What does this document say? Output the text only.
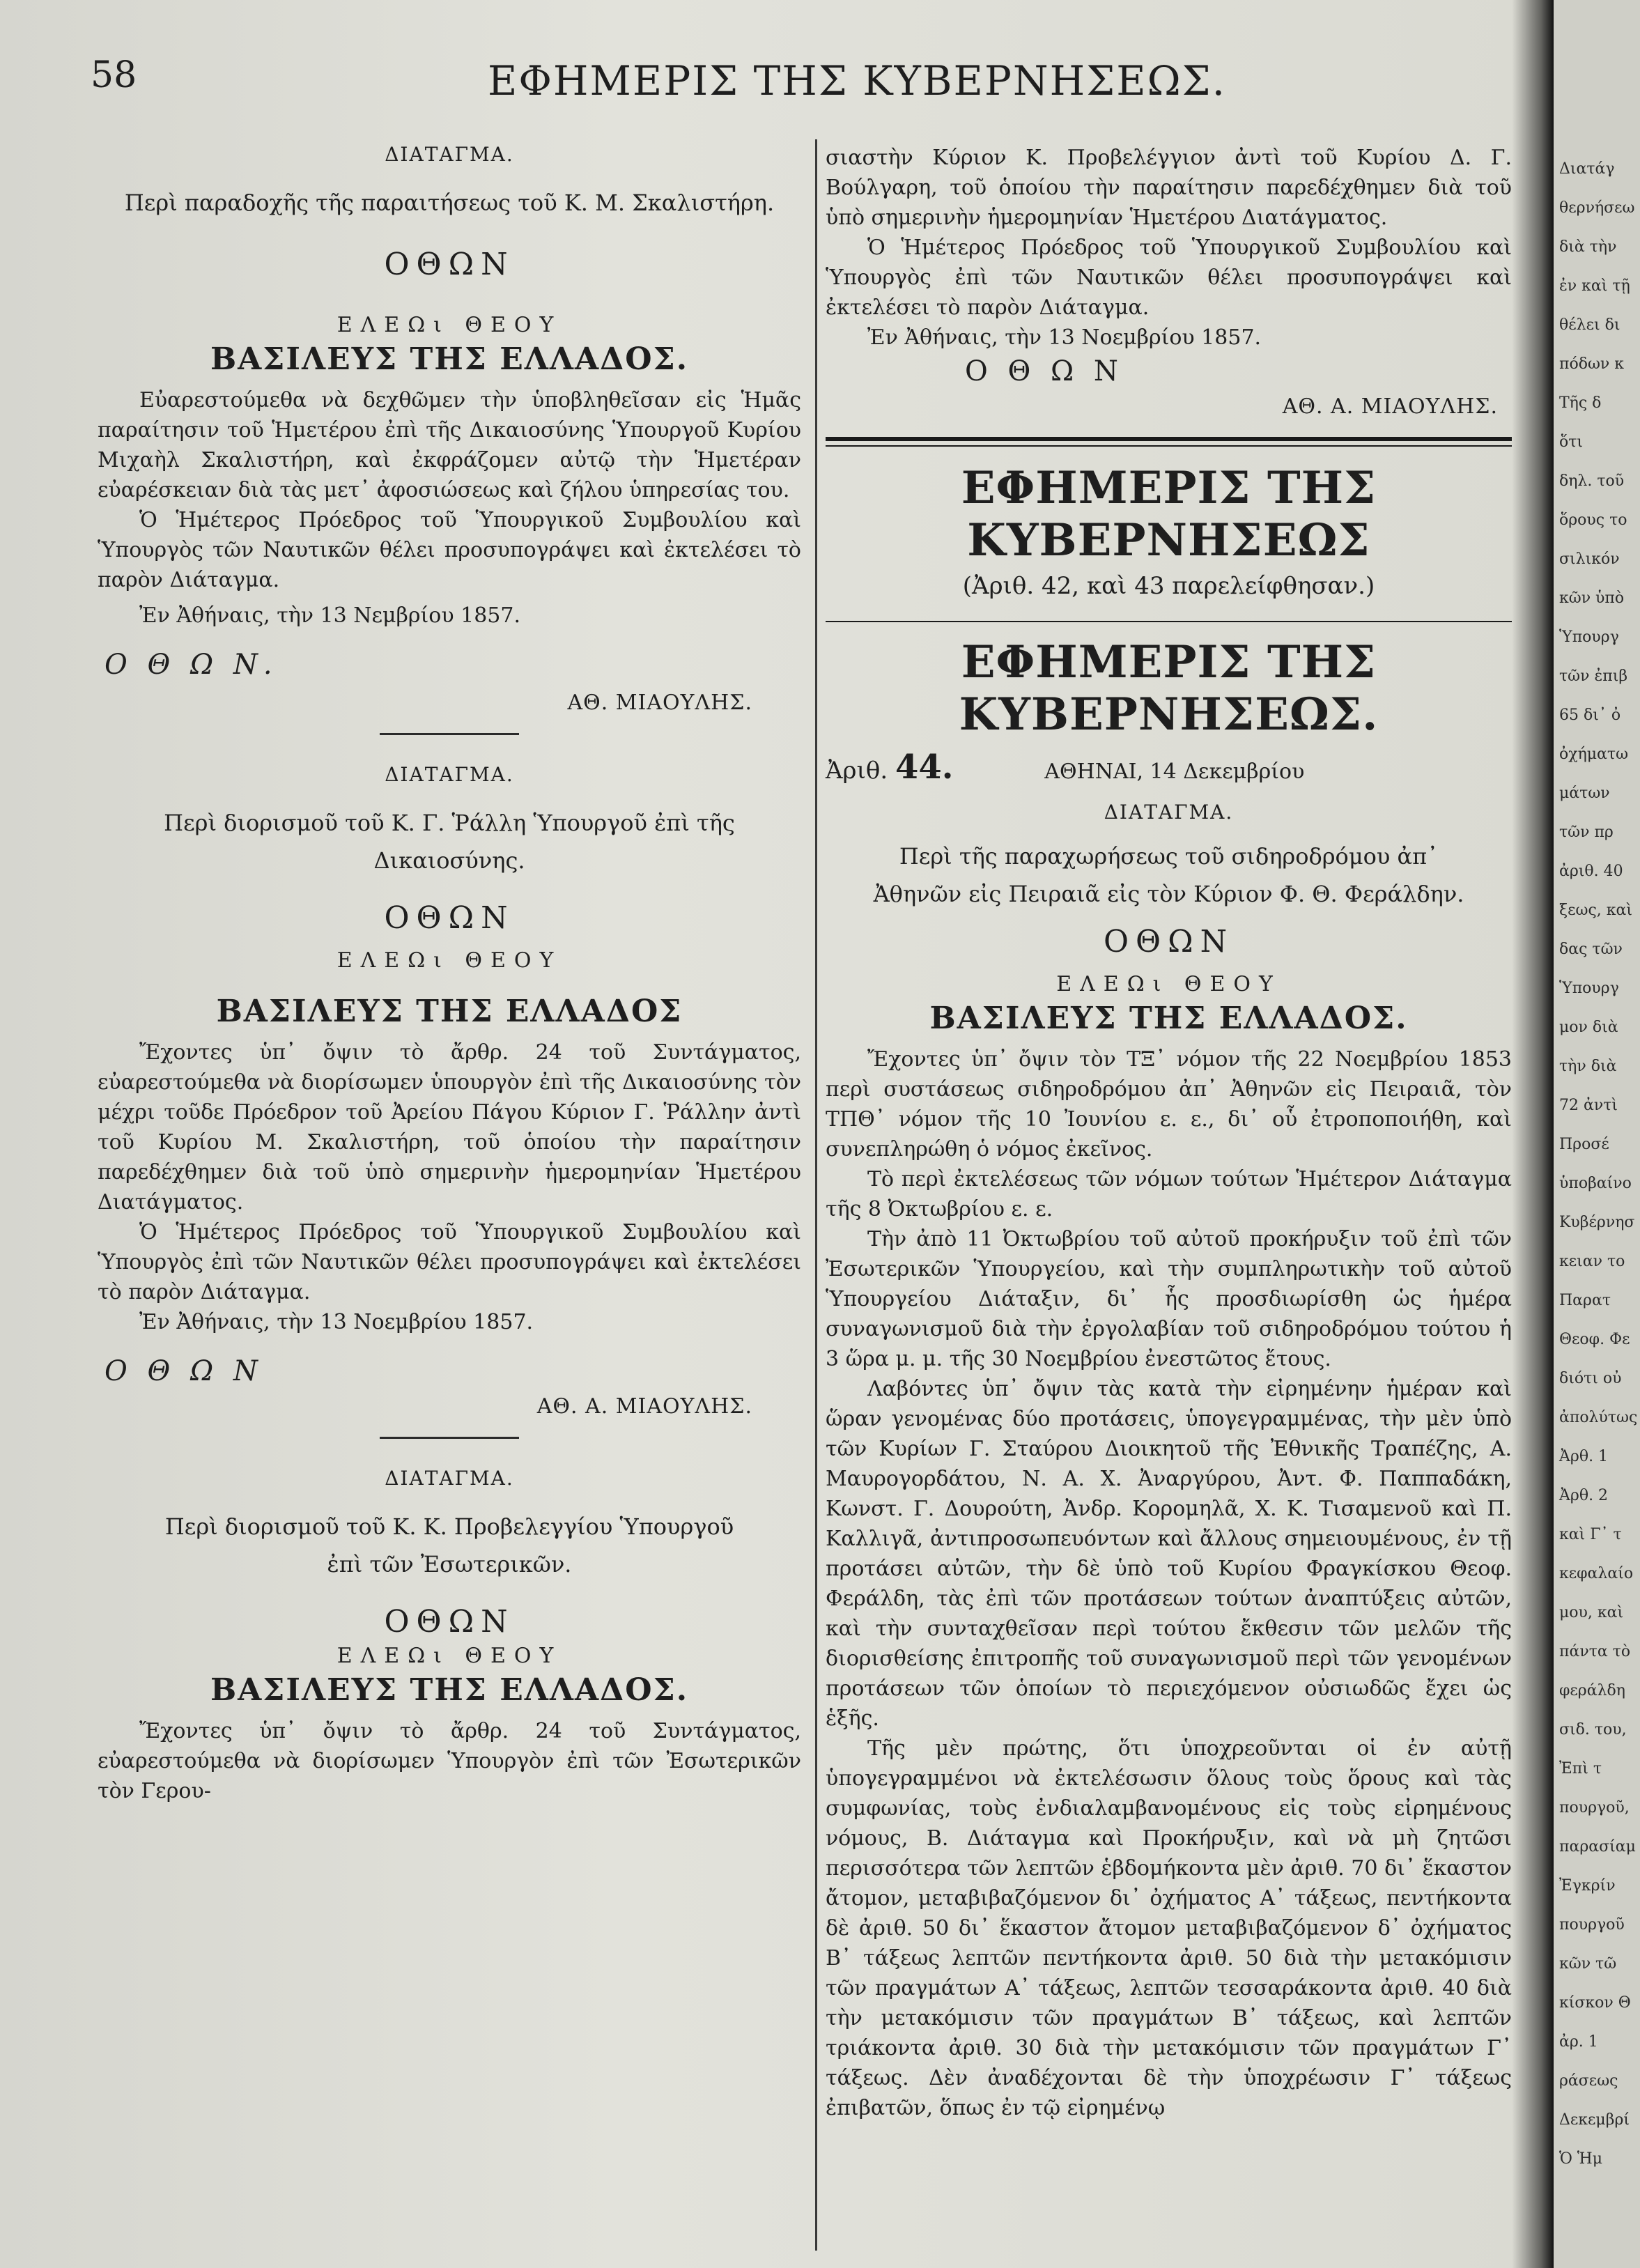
58	ΕΦΗΜΕΡΙΣ ΤΗΣ ΚΥΒΕΡΝΗΣΕΩΣ.

ΔΙΑΤΑΓΜΑ.

Περὶ παραδοχῆς τῆς παραιτήσεως τοῦ Κ. Μ. Σκαλιστήρη.

ΟΘΩΝ

ΕΛΕΩι ΘΕΟΥ

ΒΑΣΙΛΕΥΣ ΤΗΣ ΕΛΛΑΔΟΣ.

Εὐαρεστούμεθα νὰ δεχθῶμεν τὴν ὑποβληθεῖσαν εἰς Ἡμᾶς παραίτησιν τοῦ Ἡμετέρου ἐπὶ τῆς Δικαιοσύνης Ὑπουργοῦ Κυρίου Μιχαὴλ Σκαλιστήρη, καὶ ἐκφράζομεν αὐτῷ τὴν Ἡμετέραν εὐαρέσκειαν διὰ τὰς μετ᾽ ἀφοσιώσεως καὶ ζήλου ὑπηρεσίας του.

Ὁ Ἡμέτερος Πρόεδρος τοῦ Ὑπουργικοῦ Συμβουλίου καὶ Ὑπουργὸς τῶν Ναυτικῶν θέλει προσυπογράψει καὶ ἐκτελέσει τὸ παρὸν Διάταγμα.

Ἐν Ἀθήναις, τὴν 13 Νεμβρίου 1857.

Ο Θ Ω Ν.

ΑΘ. ΜΙΑΟΥΛΗΣ.

ΔΙΑΤΑΓΜΑ.

Περὶ διορισμοῦ τοῦ Κ. Γ. Ῥάλλη Ὑπουργοῦ ἐπὶ τῆς Δικαιοσύνης.

ΟΘΩΝ

ΕΛΕΩι ΘΕΟΥ

ΒΑΣΙΛΕΥΣ ΤΗΣ ΕΛΛΑΔΟΣ

Ἔχοντες ὑπ᾽ ὄψιν τὸ ἄρθρ. 24 τοῦ Συντάγματος, εὐαρεστούμεθα νὰ διορίσωμεν ὑπουργὸν ἐπὶ τῆς Δικαιοσύνης τὸν μέχρι τοῦδε Πρόεδρον τοῦ Ἀρείου Πάγου Κύριον Γ. Ῥάλλην ἀντὶ τοῦ Κυρίου Μ. Σκαλιστήρη, τοῦ ὁποίου τὴν παραίτησιν παρεδέχθημεν διὰ τοῦ ὑπὸ σημερινὴν ἡμερομηνίαν Ἡμετέρου Διατάγματος.

Ὁ Ἡμέτερος Πρόεδρος τοῦ Ὑπουργικοῦ Συμβουλίου καὶ Ὑπουργὸς ἐπὶ τῶν Ναυτικῶν θέλει προσυπογράψει καὶ ἐκτελέσει τὸ παρὸν Διάταγμα.

Ἐν Ἀθήναις, τὴν 13 Νοεμβρίου 1857.

Ο Θ Ω Ν

ΑΘ. Α. ΜΙΑΟΥΛΗΣ.

ΔΙΑΤΑΓΜΑ.

Περὶ διορισμοῦ τοῦ Κ. Κ. Προβελεγγίου Ὑπουργοῦ ἐπὶ τῶν Ἐσωτερικῶν.

ΟΘΩΝ

ΕΛΕΩι ΘΕΟΥ

ΒΑΣΙΛΕΥΣ ΤΗΣ ΕΛΛΑΔΟΣ.

Ἔχοντες ὑπ᾽ ὄψιν τὸ ἄρθρ. 24 τοῦ Συντάγματος, εὐαρεστούμεθα νὰ διορίσωμεν Ὑπουργὸν ἐπὶ τῶν Ἐσωτερικῶν τὸν Γερου-

σιαστὴν Κύριον Κ. Προβελέγγιον ἀντὶ τοῦ Κυρίου Δ. Γ. Βούλγαρη, τοῦ ὁποίου τὴν παραίτησιν παρεδέχθημεν διὰ τοῦ ὑπὸ σημερινὴν ἡμερομηνίαν Ἡμετέρου Διατάγματος.

Ὁ Ἡμέτερος Πρόεδρος τοῦ Ὑπουργικοῦ Συμβουλίου καὶ Ὑπουργὸς ἐπὶ τῶν Ναυτικῶν θέλει προσυπογράψει καὶ ἐκτελέσει τὸ παρὸν Διάταγμα.

Ἐν Ἀθήναις, τὴν 13 Νοεμβρίου 1857.

Ο Θ Ω Ν

ΑΘ. Α. ΜΙΑΟΥΛΗΣ.

ΕΦΗΜΕΡΙΣ ΤΗΣ ΚΥΒΕΡΝΗΣΕΩΣ

(Ἀριθ. 42, καὶ 43 παρελείφθησαν.)

ΕΦΗΜΕΡΙΣ ΤΗΣ ΚΥΒΕΡΝΗΣΕΩΣ.

Ἀριθ. 44.	ΑΘΗΝΑΙ, 14 Δεκεμβρίου

ΔΙΑΤΑΓΜΑ.

Περὶ τῆς παραχωρήσεως τοῦ σιδηροδρόμου ἀπ᾽ Ἀθηνῶν εἰς Πειραιᾶ εἰς τὸν Κύριον Φ. Θ. Φεράλδην.

ΟΘΩΝ

ΕΛΕΩι ΘΕΟΥ

ΒΑΣΙΛΕΥΣ ΤΗΣ ΕΛΛΑΔΟΣ.

Ἔχοντες ὑπ᾽ ὄψιν τὸν ΤΞ᾽ νόμον τῆς 22 Νοεμβρίου 1853 περὶ συστάσεως σιδηροδρόμου ἀπ᾽ Ἀθηνῶν εἰς Πειραιᾶ, τὸν ΤΠΘ᾽ νόμον τῆς 10 Ἰουνίου ε. ε., δι᾽ οὗ ἐτροποποιήθη, καὶ συνεπληρώθη ὁ νόμος ἐκεῖνος.

Τὸ περὶ ἐκτελέσεως τῶν νόμων τούτων Ἡμέτερον Διάταγμα τῆς 8 Ὀκτωβρίου ε. ε.

Τὴν ἀπὸ 11 Ὀκτωβρίου τοῦ αὐτοῦ προκήρυξιν τοῦ ἐπὶ τῶν Ἐσωτερικῶν Ὑπουργείου, καὶ τὴν συμπληρωτικὴν τοῦ αὐτοῦ Ὑπουργείου Διάταξιν, δι᾽ ἧς προσδιωρίσθη ὡς ἡμέρα συναγωνισμοῦ διὰ τὴν ἐργολαβίαν τοῦ σιδηροδρόμου τούτου ἡ 3 ὥρα μ. μ. τῆς 30 Νοεμβρίου ἐνεστῶτος ἔτους.

Λαβόντες ὑπ᾽ ὄψιν τὰς κατὰ τὴν εἰρημένην ἡμέραν καὶ ὥραν γενομένας δύο προτάσεις, ὑπογεγραμμένας, τὴν μὲν ὑπὸ τῶν Κυρίων Γ. Σταύρου Διοικητοῦ τῆς Ἐθνικῆς Τραπέζης, Α. Μαυρογορδάτου, Ν. Α. Χ. Ἀναργύρου, Ἀντ. Φ. Παππαδάκη, Κωνστ. Γ. Δουρούτη, Ἀνδρ. Κορομηλᾶ, Χ. Κ. Τισαμενοῦ καὶ Π. Καλλιγᾶ, ἀντιπροσωπευόντων καὶ ἄλλους σημειουμένους, ἐν τῇ προτάσει αὐτῶν, τὴν δὲ ὑπὸ τοῦ Κυρίου Φραγκίσκου Θεοφ. Φεράλδη, τὰς ἐπὶ τῶν προτάσεων τούτων ἀναπτύξεις αὐτῶν, καὶ τὴν συνταχθεῖσαν περὶ τούτου ἔκθεσιν τῶν μελῶν τῆς διορισθείσης ἐπιτροπῆς τοῦ συναγωνισμοῦ περὶ τῶν γενομένων προτάσεων τῶν ὁποίων τὸ περιεχόμενον οὐσιωδῶς ἔχει ὡς ἑξῆς.

Τῆς μὲν πρώτης, ὅτι ὑποχρεοῦνται οἱ ἐν αὐτῇ ὑπογεγραμμένοι νὰ ἐκτελέσωσιν ὅλους τοὺς ὅρους καὶ τὰς συμφωνίας, τοὺς ἐνδιαλαμβανομένους εἰς τοὺς εἰρημένους νόμους, Β. Διάταγμα καὶ Προκήρυξιν, καὶ νὰ μὴ ζητῶσι περισσότερα τῶν λεπτῶν ἑβδομήκοντα μὲν ἀριθ. 70 δι᾽ ἕκαστον ἄτομον, μεταβιβαζόμενον δι᾽ ὀχήματος Α᾽ τάξεως, πεντήκοντα δὲ ἀριθ. 50 δι᾽ ἕκαστον ἄτομον μεταβιβαζόμενον δ᾽ ὀχήματος Β᾽ τάξεως λεπτῶν πεντήκοντα ἀριθ. 50 διὰ τὴν μετακόμισιν τῶν πραγμάτων Α᾽ τάξεως, λεπτῶν τεσσαράκοντα ἀριθ. 40 διὰ τὴν μετακόμισιν τῶν πραγμάτων Β᾽ τάξεως, καὶ λεπτῶν τριάκοντα ἀριθ. 30 διὰ τὴν μετακόμισιν τῶν πραγμάτων Γ᾽ τάξεως. Δὲν ἀναδέχονται δὲ τὴν ὑποχρέωσιν Γ᾽ τάξεως ἐπιβατῶν, ὅπως ἐν τῷ εἰρημένῳ

Διατάγ
θερνήσεω
διὰ τὴν
ἐν καὶ τῇ
θέλει δι
πόδων κ
Τῆς δ
ὅτι
δηλ. τοῦ
ὅρους το
σιλικόν
κῶν ὑπὸ
Ὑπουργ
τῶν ἐπιβ
65 δι᾽ ὀ
ὀχήματω
μάτων
τῶν πρ
ἀριθ. 40
ξεως, καὶ
δας τῶν
Ὑπουργ
μον διὰ
τὴν διὰ
72 ἀντὶ
Προσέ
ὑποβαίνο
Κυβέρνησ
κειαν το
Παρατ
Θεοφ. Φε
διότι οὐ
ἀπολύτως
Ἀρθ. 1
Ἀρθ. 2
καὶ Γ᾽ τ
κεφαλαίο
μου, καὶ
πάντα τὸ
φεράλδη
σιδ. του,
Ἐπὶ τ
πουργοῦ,
παρασίαμ
Ἐγκρίν
πουργοῦ
κῶν τῶ
κίσκον Θ
ἀρ. 1
ράσεως
Δεκεμβρί
Ὁ Ἡμ
